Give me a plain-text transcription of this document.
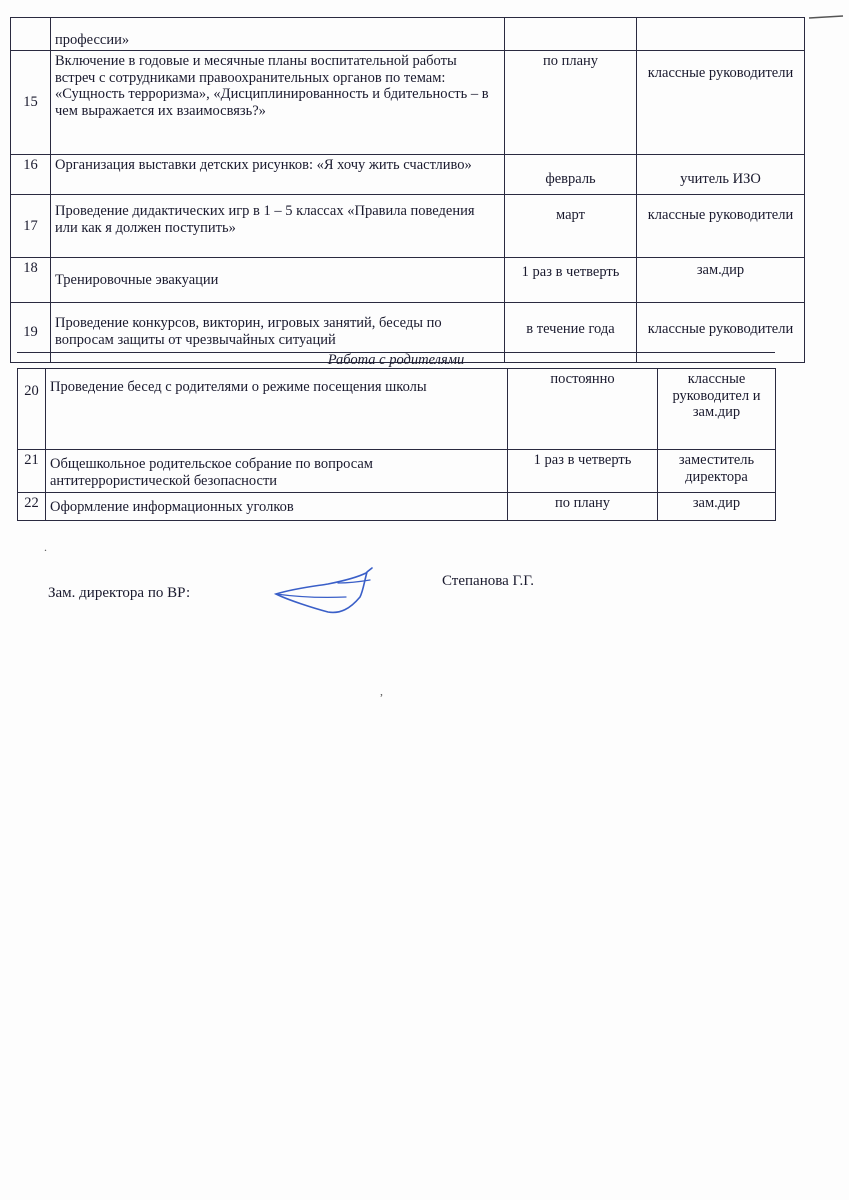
	профессии»		
15	Включение в годовые и месячные планы воспитательной работы встреч с сотрудниками правоохранительных органов по темам: «Сущность терроризма», «Дисциплинированность и бдительность – в чем выражается их взаимосвязь?»	по плану	классные руководители
16	Организация выставки детских рисунков: «Я хочу жить счастливо»	февраль	учитель ИЗО
17	Проведение дидактических игр в 1 – 5 классах «Правила поведения или как я должен поступить»	март	классные руководители
18	Тренировочные эвакуации	1 раз в четверть	зам.дир
19	Проведение конкурсов, викторин, игровых занятий, беседы по вопросам защиты от чрезвычайных ситуаций	в течение года	классные руководители
Работа с родителями
20	Проведение бесед с родителями о режиме посещения школы	постоянно	классные руководител и зам.дир
21	Общешкольное родительское собрание по вопросам антитеррористической безопасности	1 раз в четверть	заместитель директора
22	Оформление информационных уголков	по плану	зам.дир
.
,
Зам. директора по ВР:
Степанова Г.Г.
